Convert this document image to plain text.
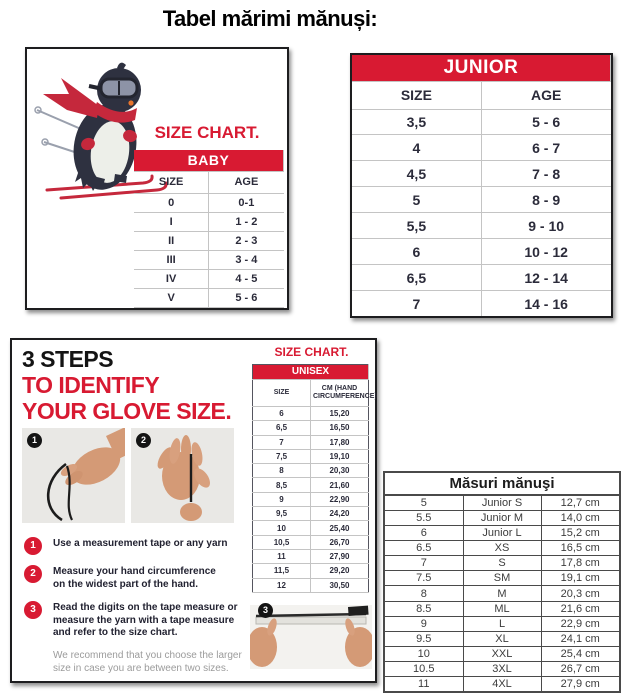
Tabel mărimi mănuși:
SIZE CHART.
BABY	
SIZE	AGE
0	0-1
I	1 - 2
II	2 - 3
III	3 - 4
IV	4 - 5
V	5 - 6
JUNIOR	
SIZE	AGE
3,5	5 - 6
4	6 - 7
4,5	7 - 8
5	8 - 9
5,5	9 - 10
6	10 - 12
6,5	12 - 14
7	14 - 16
3 STEPS
TO IDENTIFY
YOUR GLOVE SIZE.
1	2
1	Use a measurement tape or any yarn
2	Measure your hand circumference
on the widest part of the hand.
3	Read the digits on the tape measure or
measure the yarn with a tape measure
and refer to the size chart.
We recommend that you choose the larger
size in case you are between two sizes.
SIZE CHART.
UNISEX	
SIZE	CM (HAND CIRCUMFERENCE)
6	15,20
6,5	16,50
7	17,80
7,5	19,10
8	20,30
8,5	21,60
9	22,90
9,5	24,20
10	25,40
10,5	26,70
11	27,90
11,5	29,20
12	30,50
3
Măsuri mănuşi		
5	Junior S	12,7 cm
5.5	Junior M	14,0 cm
6	Junior L	15,2 cm
6.5	XS	16,5 cm
7	S	17,8 cm
7.5	SM	19,1 cm
8	M	20,3 cm
8.5	ML	21,6 cm
9	L	22,9 cm
9.5	XL	24,1 cm
10	XXL	25,4 cm
10.5	3XL	26,7 cm
11	4XL	27,9 cm
